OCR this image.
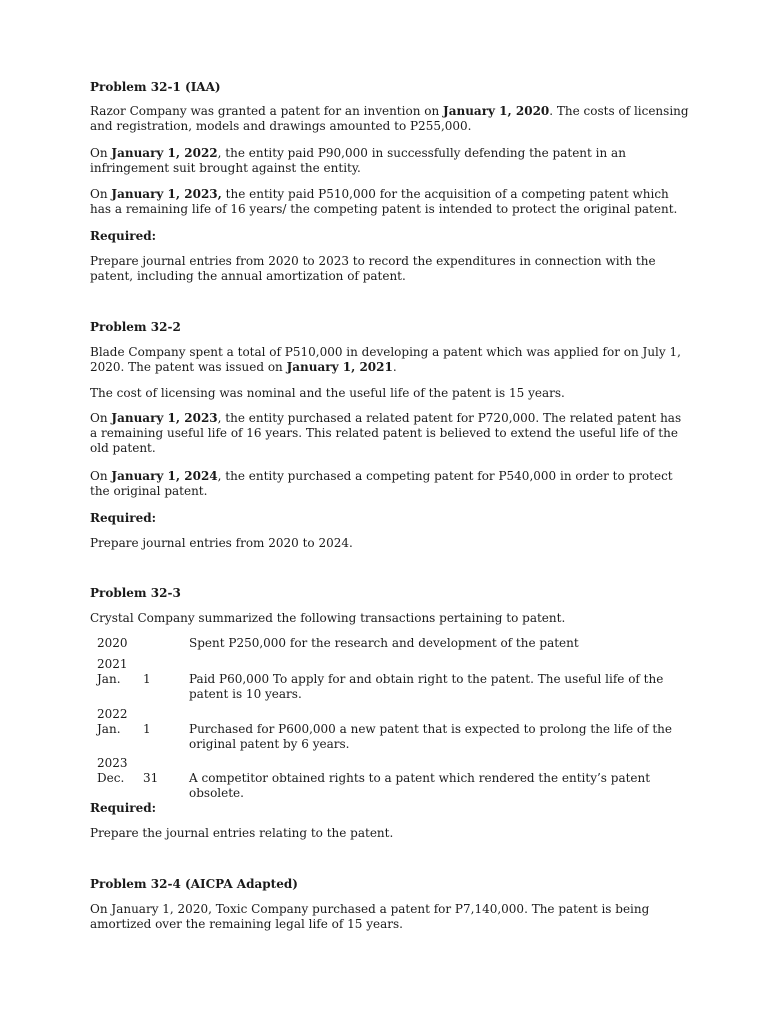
Problem 32-1 (IAA)

Razor Company was granted a patent for an invention on January 1, 2020. The costs of licensing and registration, models and drawings amounted to P255,000.

On January 1, 2022, the entity paid P90,000 in successfully defending the patent in an infringement suit brought against the entity.

On January 1, 2023, the entity paid P510,000 for the acquisition of a competing patent which has a remaining life of 16 years/ the competing patent is intended to protect the original patent.

Required:

Prepare journal entries from 2020 to 2023 to record the expenditures in connection with the patent, including the annual amortization of patent.

Problem 32-2

Blade Company spent a total of P510,000 in developing a patent which was applied for on July 1, 2020. The patent was issued on January 1, 2021.

The cost of licensing was nominal and the useful life of the patent is 15 years.

On January 1, 2023, the entity purchased a related patent for P720,000. The related patent has a remaining useful life of 16 years. This related patent is believed to extend the useful life of the old patent.

On January 1, 2024, the entity purchased a competing patent for P540,000 in order to protect the original patent.

Required:

Prepare journal entries from 2020 to 2024.

Problem 32-3

Crystal Company summarized the following transactions pertaining to patent.

2020	Spent P250,000 for the research and development of the patent
2021
Jan. 1	Paid P60,000 To apply for and obtain right to the patent. The useful life of the patent is 10 years.
2022
Jan. 1	Purchased for P600,000 a new patent that is expected to prolong the life of the original patent by 6 years.
2023
Dec. 31	A competitor obtained rights to a patent which rendered the entity’s patent obsolete.

Required:

Prepare the journal entries relating to the patent.

Problem 32-4 (AICPA Adapted)

On January 1, 2020, Toxic Company purchased a patent for P7,140,000. The patent is being amortized over the remaining legal life of 15 years.
